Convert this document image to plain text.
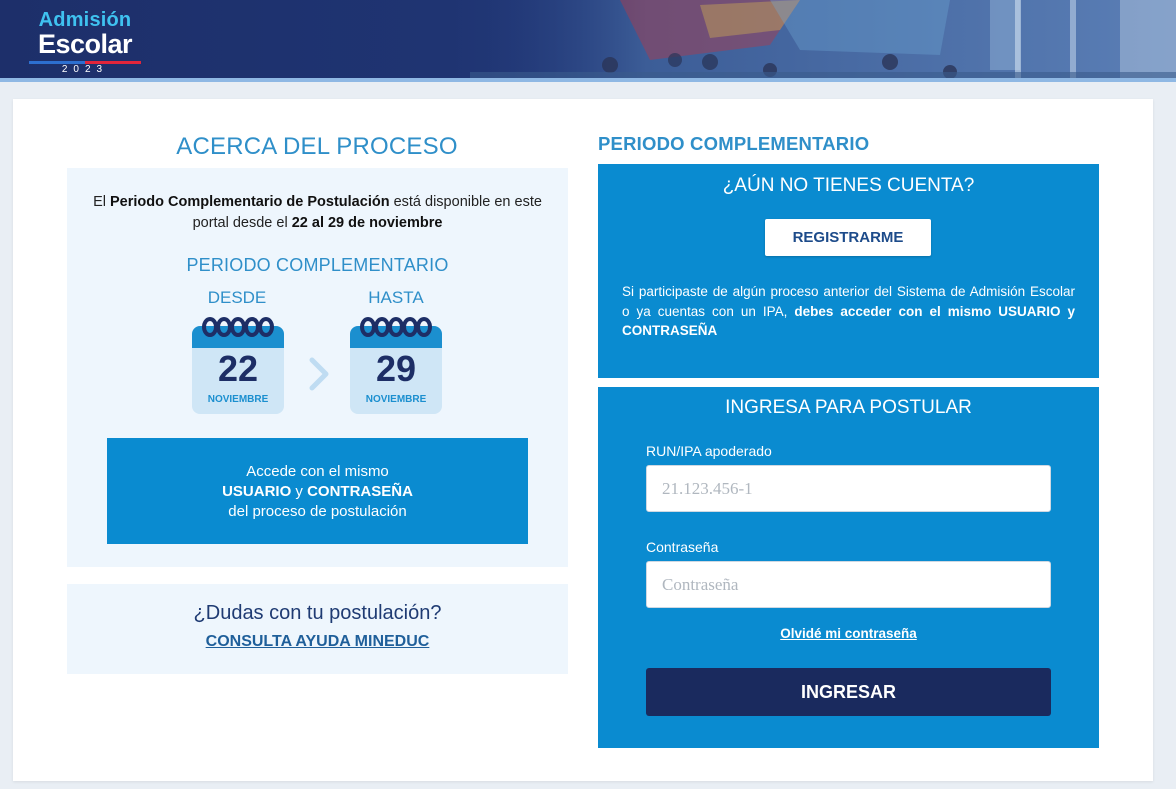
Admisión
Escolar
2023
ACERCA DEL PROCESO
El Periodo Complementario de Postulación está disponible en este portal desde el 22 al 29 de noviembre
PERIODO COMPLEMENTARIO
DESDE	HASTA
22
NOVIEMBRE
29
NOVIEMBRE
Accede con el mismo
USUARIO y CONTRASEÑA
del proceso de postulación
¿Dudas con tu postulación?
CONSULTA AYUDA MINEDUC
PERIODO COMPLEMENTARIO
¿AÚN NO TIENES CUENTA?
REGISTRARME
Si participaste de algún proceso anterior del Sistema de Admisión Escolar o ya cuentas con un IPA, debes acceder con el mismo USUARIO y CONTRASEÑA
INGRESA PARA POSTULAR
RUN/IPA apoderado
21.123.456-1
Contraseña
Olvidé mi contraseña
INGRESAR
